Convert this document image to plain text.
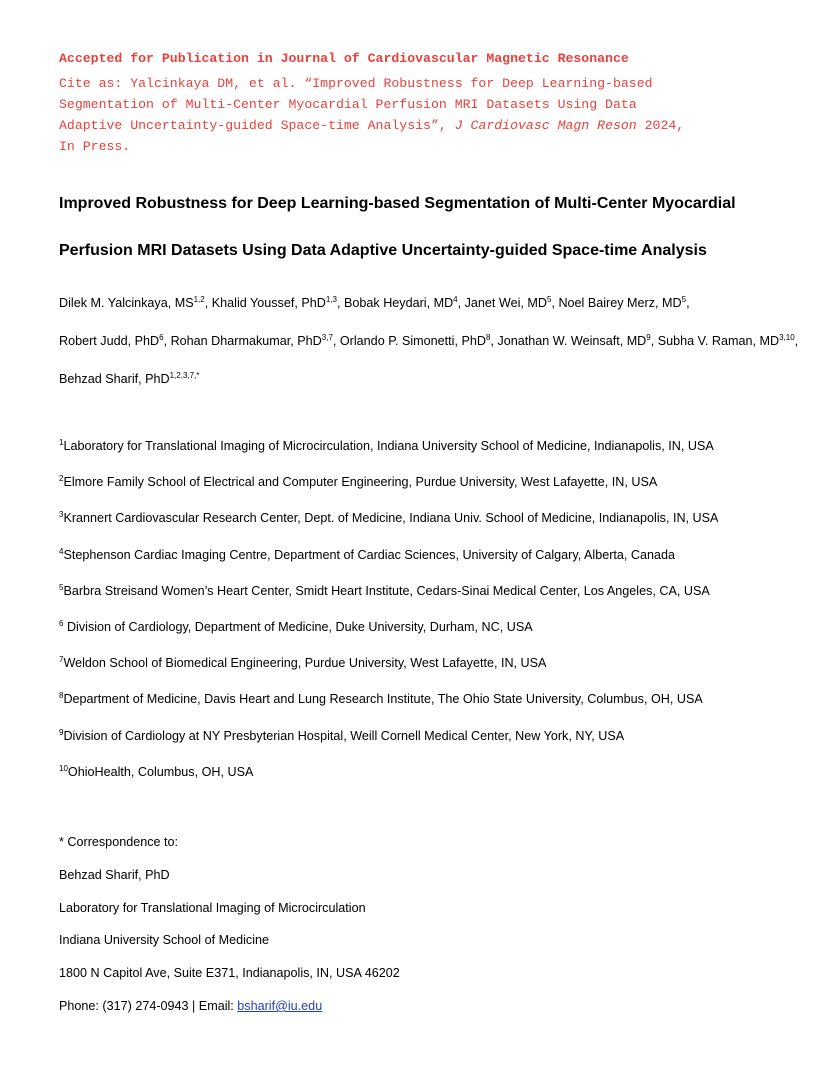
Accepted for Publication in Journal of Cardiovascular Magnetic Resonance
Cite as: Yalcinkaya DM, et al. “Improved Robustness for Deep Learning-based
Segmentation of Multi-Center Myocardial Perfusion MRI Datasets Using Data
Adaptive Uncertainty-guided Space-time Analysis”, J Cardiovasc Magn Reson 2024,
In Press.
Improved Robustness for Deep Learning-based Segmentation of Multi-Center Myocardial
Perfusion MRI Datasets Using Data Adaptive Uncertainty-guided Space-time Analysis
Dilek M. Yalcinkaya, MS$^{1,2}$, Khalid Youssef, PhD$^{1,3}$, Bobak Heydari, $MD^4$, Janet Wei, $MD^5$, Noel Bairey Merz, $MD^5$,
Robert Judd, PhD$^6$, Rohan Dharmakumar, PhD$^{3,7}$, Orlando P. Simonetti, PhD$^8$, Jonathan W. Weinsaft, $MD^9$, Subha V. Raman, MD$^{3,10}$, Behzad Sharif, PhD$^{1,2,3,7,*}$
$^1$Laboratory for Translational Imaging of Microcirculation, Indiana University School of Medicine, Indianapolis, IN, USA
$^2$Elmore Family School of Electrical and Computer Engineering, Purdue University, West Lafayette, IN, USA
$^3$Krannert Cardiovascular Research Center, Dept. of Medicine, Indiana Univ. School of Medicine, Indianapolis, IN, USA
$^4$Stephenson Cardiac Imaging Centre, Department of Cardiac Sciences, University of Calgary, Alberta, Canada
$^5$Barbra Streisand Women’s Heart Center, Smidt Heart Institute, Cedars-Sinai Medical Center, Los Angeles, CA, USA
$^6$ Division of Cardiology, Department of Medicine, Duke University, Durham, NC, USA
$^7$Weldon School of Biomedical Engineering, Purdue University, West Lafayette, IN, USA
$^8$Department of Medicine, Davis Heart and Lung Research Institute, The Ohio State University, Columbus, OH, USA
$^9$Division of Cardiology at NY Presbyterian Hospital, Weill Cornell Medical Center, New York, NY, USA
$^{10}$OhioHealth, Columbus, OH, USA
* Correspondence to:
Behzad Sharif, PhD
Laboratory for Translational Imaging of Microcirculation
Indiana University School of Medicine
1800 N Capitol Ave, Suite E371, Indianapolis, IN, USA 46202
Phone: (317) 274-0943 | Email: bsharif@iu.edu
